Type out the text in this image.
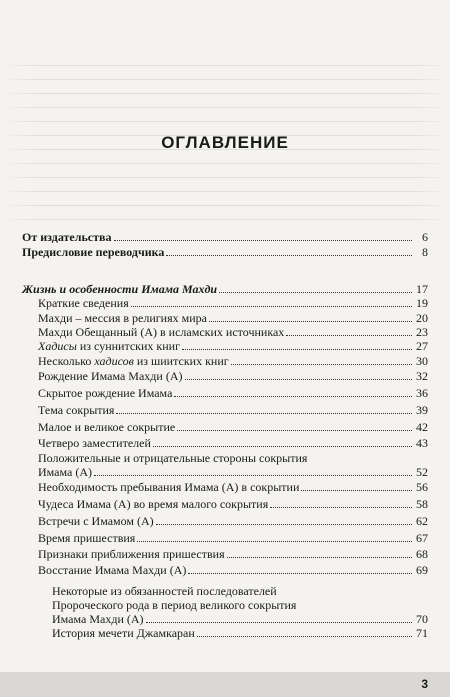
ОГЛАВЛЕНИЕ
От издательства	6
Предисловие переводчика	8
Жизнь и особенности Имама Махди	17
Краткие сведения	19
Махди – мессия в религиях мира	20
Махди Обещанный (А) в исламских источниках	23
Хадисы из суннитских книг	27
Несколько хадисов из шиитских книг	30
Рождение Имама Махди (А)	32
Скрытое рождение Имама	36
Тема сокрытия	39
Малое и великое сокрытие	42
Четверо заместителей	43
Положительные и отрицательные стороны сокрытия
Имама (А)	52
Необходимость пребывания Имама (А) в сокрытии	56
Чудеса Имама (А) во время малого сокрытия	58
Встречи с Имамом (А)	62
Время пришествия	67
Признаки приближения пришествия	68
Восстание Имама Махди (А)	69
Некоторые из обязанностей последователей
Пророческого рода в период великого сокрытия
Имама Махди (А)	70
История мечети Джамкаран	71
3
